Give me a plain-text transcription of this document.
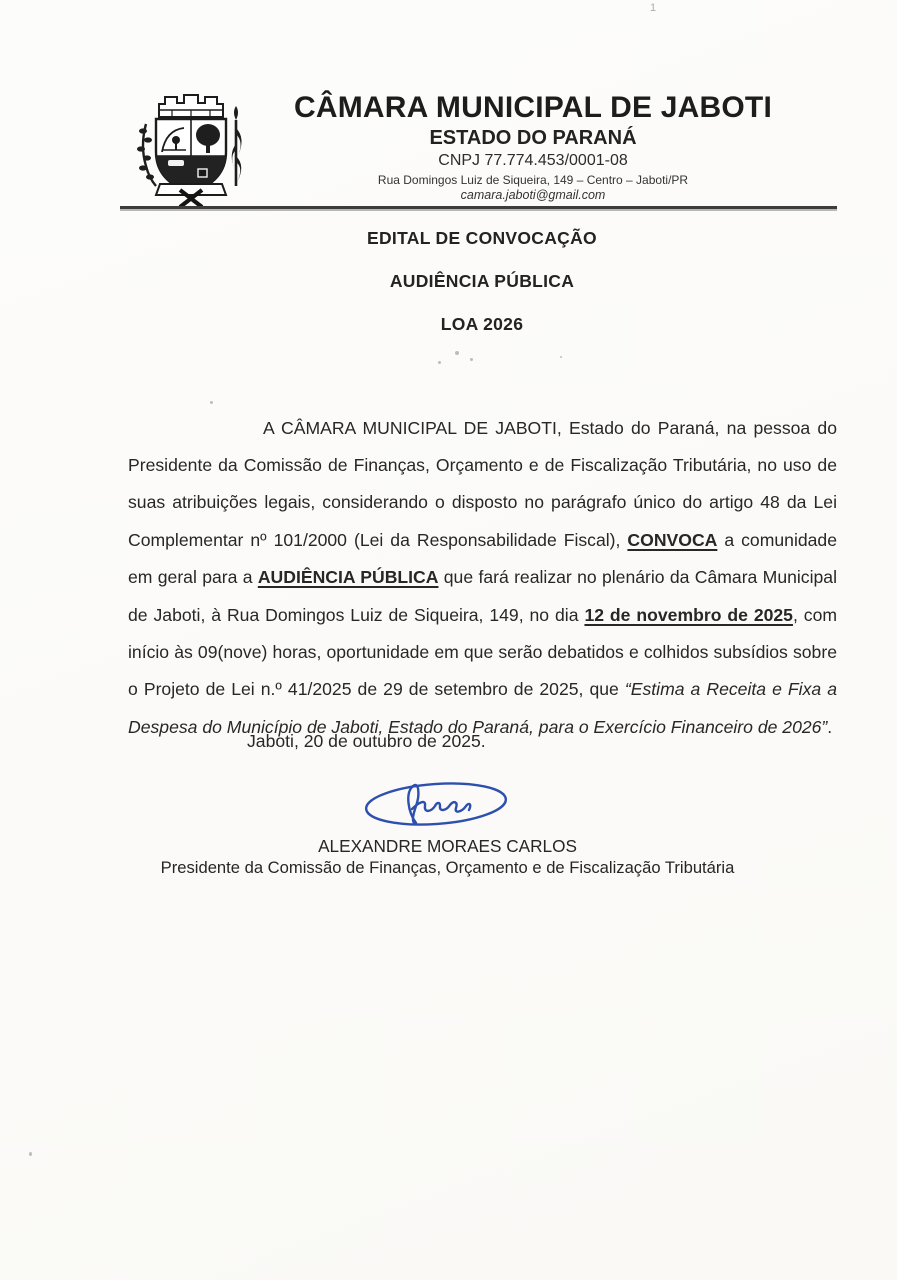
1
CÂMARA MUNICIPAL DE JABOTI
ESTADO DO PARANÁ
CNPJ 77.774.453/0001-08
Rua Domingos Luiz de Siqueira, 149 – Centro – Jaboti/PR
camara.jaboti@gmail.com
EDITAL DE CONVOCAÇÃO
AUDIÊNCIA PÚBLICA
LOA 2026

A CÂMARA MUNICIPAL DE JABOTI, Estado do Paraná, na pessoa do Presidente da Comissão de Finanças, Orçamento e de Fiscalização Tributária, no uso de suas atribuições legais, considerando o disposto no parágrafo único do artigo 48 da Lei Complementar nº 101/2000 (Lei da Responsabilidade Fiscal), CONVOCA a comunidade em geral para a AUDIÊNCIA PÚBLICA que fará realizar no plenário da Câmara Municipal de Jaboti, à Rua Domingos Luiz de Siqueira, 149, no dia 12 de novembro de 2025, com início às 09(nove) horas, oportunidade em que serão debatidos e colhidos subsídios sobre o Projeto de Lei n.º 41/2025 de 29 de setembro de 2025, que “Estima a Receita e Fixa a Despesa do Município de Jaboti, Estado do Paraná, para o Exercício Financeiro de 2026”.

Jaboti, 20 de outubro de 2025.
ALEXANDRE MORAES CARLOS
Presidente da Comissão de Finanças, Orçamento e de Fiscalização Tributária
